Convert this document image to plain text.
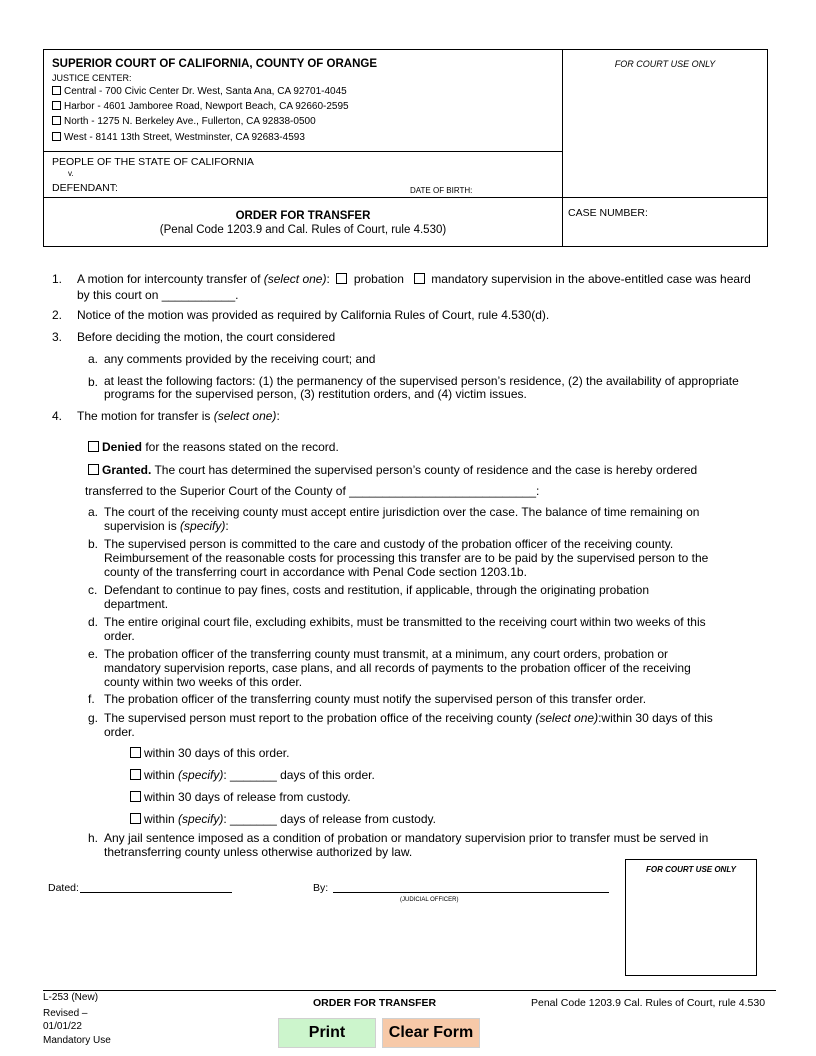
SUPERIOR COURT OF CALIFORNIA, COUNTY OF ORANGE
JUSTICE CENTER:
Central - 700 Civic Center Dr. West, Santa Ana, CA 92701-4045
Harbor - 4601 Jamboree Road, Newport Beach, CA 92660-2595
North - 1275 N. Berkeley Ave., Fullerton, CA 92838-0500
West - 8141 13th Street, Westminster, CA 92683-4593
FOR COURT USE ONLY
PEOPLE OF THE STATE OF CALIFORNIA
v.
DEFENDANT:	DATE OF BIRTH:
ORDER FOR TRANSFER
(Penal Code 1203.9 and Cal. Rules of Court, rule 4.530)
CASE NUMBER:
1. A motion for intercounty transfer of (select one): probation mandatory supervision in the above-entitled case was heard
by this court on ___________.
2. Notice of the motion was provided as required by California Rules of Court, rule 4.530(d).
3. Before deciding the motion, the court considered
a. any comments provided by the receiving court; and
b. at least the following factors: (1) the permanency of the supervised person’s residence, (2) the availability of appropriate programs for the supervised person, (3) restitution orders, and (4) victim issues.
4. The motion for transfer is (select one):
Denied for the reasons stated on the record.
Granted. The court has determined the supervised person’s county of residence and the case is hereby ordered
transferred to the Superior Court of the County of ____________________________:
a. The court of the receiving county must accept entire jurisdiction over the case. The balance of time remaining on supervision is (specify):
b. The supervised person is committed to the care and custody of the probation officer of the receiving county. Reimbursement of the reasonable costs for processing this transfer are to be paid by the supervised person to the county of the transferring court in accordance with Penal Code section 1203.1b.
c. Defendant to continue to pay fines, costs and restitution, if applicable, through the originating probation department.
d. The entire original court file, excluding exhibits, must be transmitted to the receiving court within two weeks of this order.
e. The probation officer of the transferring county must transmit, at a minimum, any court orders, probation or mandatory supervision reports, case plans, and all records of payments to the probation officer of the receiving county within two weeks of this order.
f. The probation officer of the transferring county must notify the supervised person of this transfer order.
g. The supervised person must report to the probation office of the receiving county (select one):within 30 days of this order.
within 30 days of this order.
within (specify): _______ days of this order.
within 30 days of release from custody.
within (specify): _______ days of release from custody.
h. Any jail sentence imposed as a condition of probation or mandatory supervision prior to transfer must be served in thetransferring county unless otherwise authorized by law.
Dated:	By:
(JUDICIAL OFFICER)
FOR COURT USE ONLY
L-253 (New)
Revised –
01/01/22
Mandatory Use
ORDER FOR TRANSFER	Penal Code 1203.9 Cal. Rules of Court, rule 4.530
Print	Clear Form
